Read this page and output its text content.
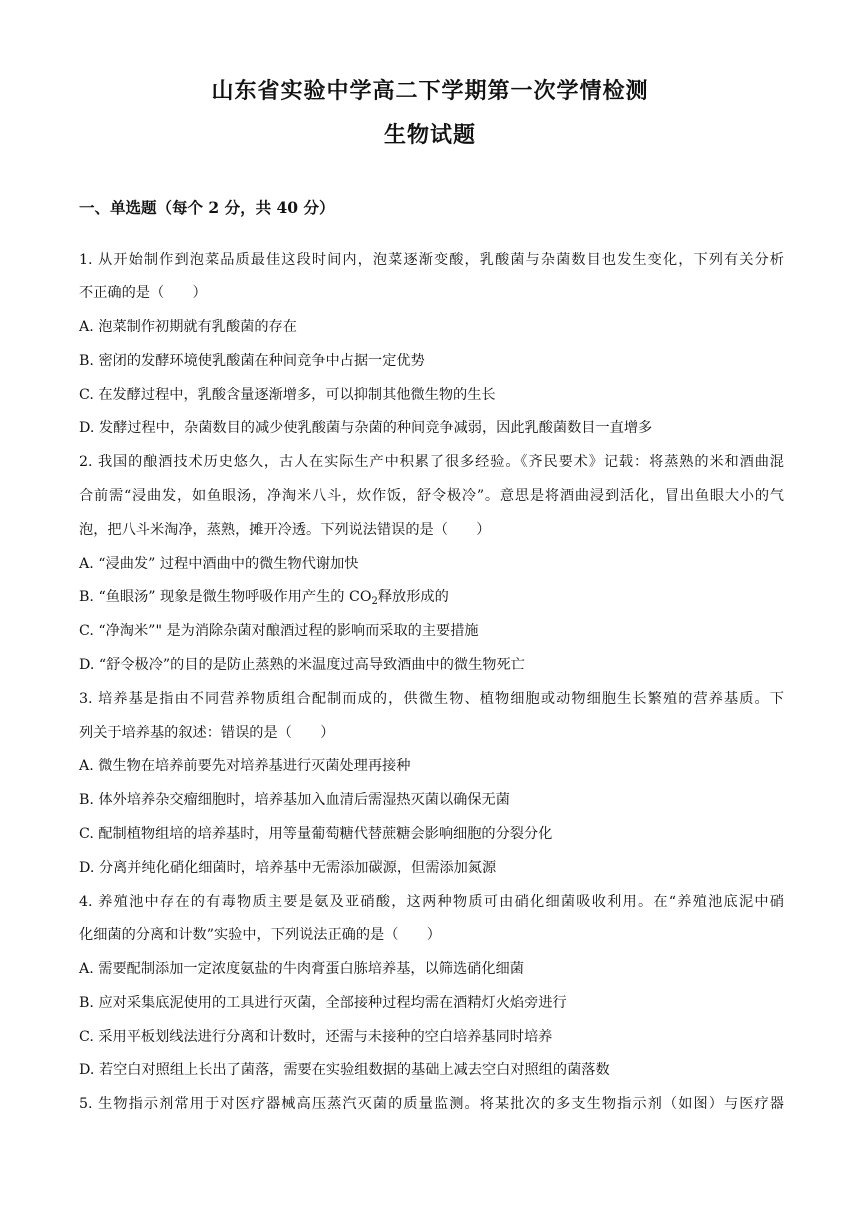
山东省实验中学高二下学期第一次学情检测
生物试题
一、单选题（每个 2 分，共 40 分）
1. 从开始制作到泡菜品质最佳这段时间内，泡菜逐渐变酸，乳酸菌与杂菌数目也发生变化，下列有关分析
不正确的是（　　）
A. 泡菜制作初期就有乳酸菌的存在
B. 密闭的发酵环境使乳酸菌在种间竞争中占据一定优势
C. 在发酵过程中，乳酸含量逐渐增多，可以抑制其他微生物的生长
D. 发酵过程中，杂菌数目的减少使乳酸菌与杂菌的种间竞争减弱，因此乳酸菌数目一直增多
2. 我国的酿酒技术历史悠久，古人在实际生产中积累了很多经验。《齐民要术》记载：将蒸熟的米和酒曲混
合前需“浸曲发，如鱼眼汤，净淘米八斗，炊作饭，舒令极冷”。意思是将酒曲浸到活化，冒出鱼眼大小的气
泡，把八斗米淘净，蒸熟，摊开冷透。下列说法错误的是（　　）
A. “浸曲发” 过程中酒曲中的微生物代谢加快
B. “鱼眼汤” 现象是微生物呼吸作用产生的 $CO_2$释放形成的
C. “净淘米”" 是为消除杂菌对酿酒过程的影响而采取的主要措施
D. “舒令极冷”的目的是防止蒸熟的米温度过高导致酒曲中的微生物死亡
3. 培养基是指由不同营养物质组合配制而成的，供微生物、植物细胞或动物细胞生长繁殖的营养基质。下
列关于培养基的叙述：错误的是（　　）
A. 微生物在培养前要先对培养基进行灭菌处理再接种
B. 体外培养杂交瘤细胞时，培养基加入血清后需湿热灭菌以确保无菌
C. 配制植物组培的培养基时，用等量葡萄糖代替蔗糖会影响细胞的分裂分化
D. 分离并纯化硝化细菌时，培养基中无需添加碳源，但需添加氮源
4. 养殖池中存在的有毒物质主要是氨及亚硝酸，这两种物质可由硝化细菌吸收利用。在“养殖池底泥中硝
化细菌的分离和计数”实验中，下列说法正确的是（　　）
A. 需要配制添加一定浓度氨盐的牛肉膏蛋白胨培养基，以筛选硝化细菌
B. 应对采集底泥使用的工具进行灭菌，全部接种过程均需在酒精灯火焰旁进行
C. 采用平板划线法进行分离和计数时，还需与未接种的空白培养基同时培养
D. 若空白对照组上长出了菌落，需要在实验组数据的基础上减去空白对照组的菌落数
5. 生物指示剂常用于对医疗器械高压蒸汽灭菌的质量监测。将某批次的多支生物指示剂（如图）与医疗器
